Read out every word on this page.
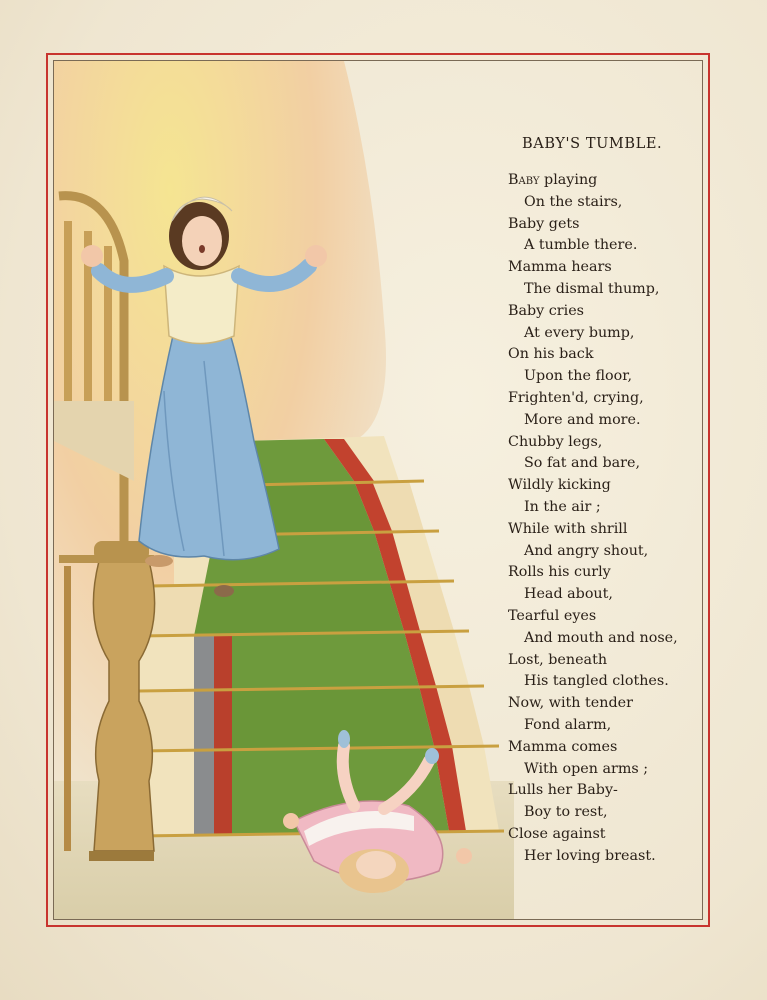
BABY'S TUMBLE.
Baby playing
On the stairs,
Baby gets
A tumble there.
Mamma hears
The dismal thump,
Baby cries
At every bump,
On his back
Upon the floor,
Frighten'd, crying,
More and more.
Chubby legs,
So fat and bare,
Wildly kicking
In the air ;
While with shrill
And angry shout,
Rolls his curly
Head about,
Tearful eyes
And mouth and nose,
Lost, beneath
His tangled clothes.
Now, with tender
Fond alarm,
Mamma comes
With open arms ;
Lulls her Baby-
Boy to rest,
Close against
Her loving breast.
